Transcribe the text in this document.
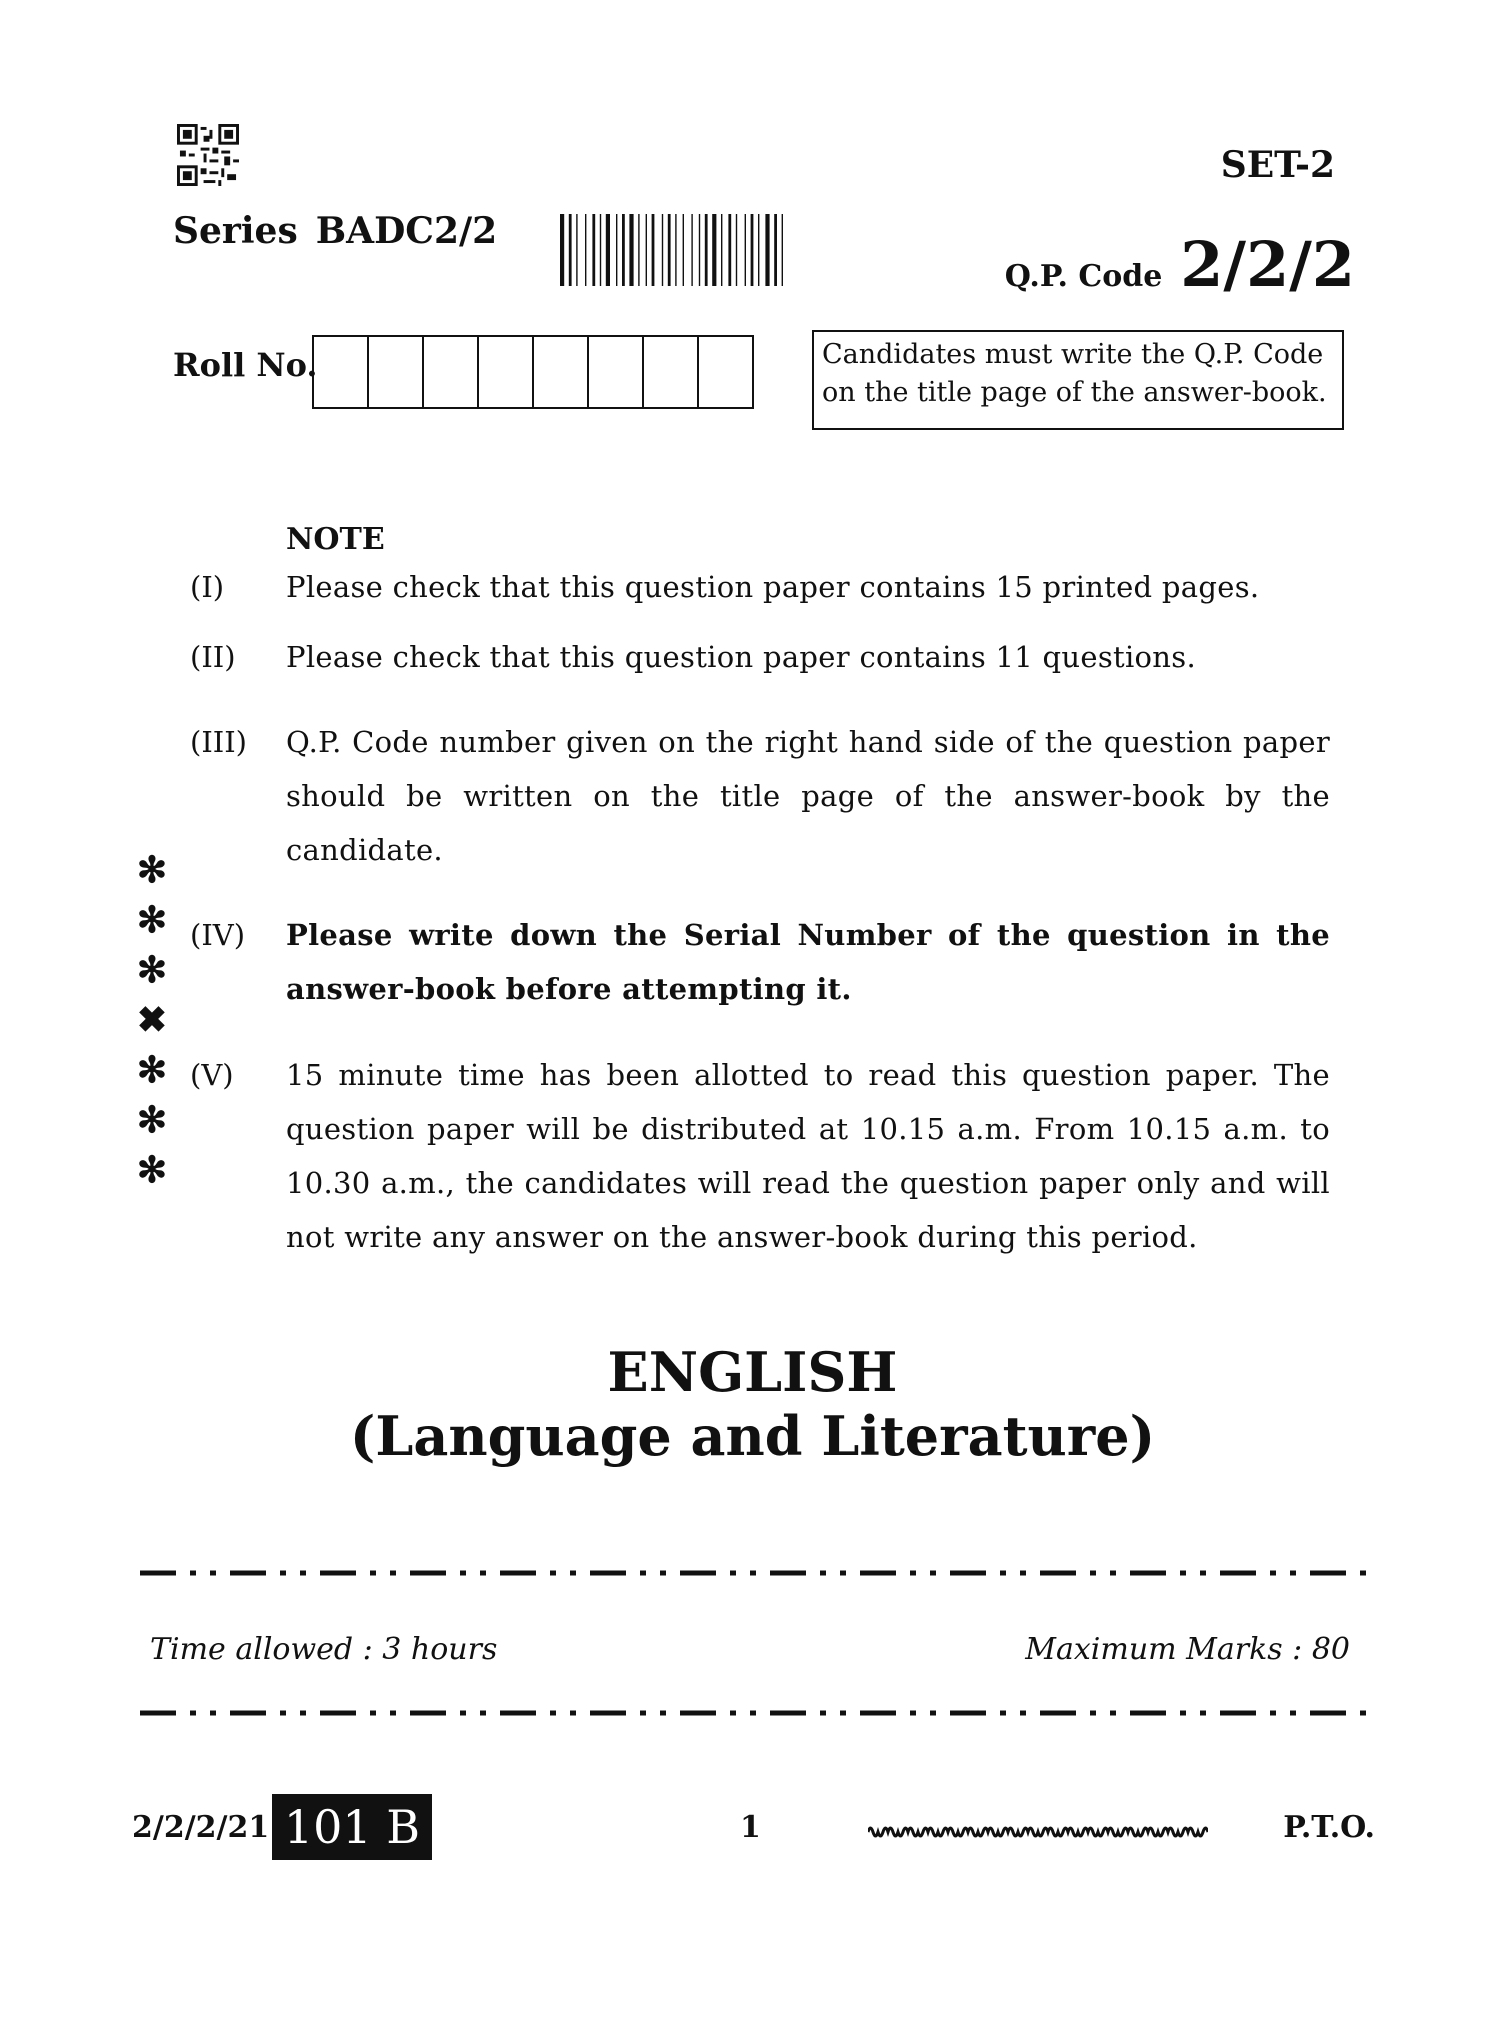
SET-2
Series BADC2/2
Q.P. Code 2/2/2
Roll No.	Candidates must write the Q.P. Code on the title page of the answer-book.
NOTE
(I)	Please check that this question paper contains 15 printed pages.
(II)	Please check that this question paper contains 11 questions.
(III)	Q.P. Code number given on the right hand side of the question paper should be written on the title page of the answer-book by the candidate.
(IV)	Please write down the Serial Number of the question in the answer-book before attempting it.
(V)	15 minute time has been allotted to read this question paper. The question paper will be distributed at 10.15 a.m. From 10.15 a.m. to 10.30 a.m., the candidates will read the question paper only and will not write any answer on the answer-book during this period.
✻
✻
✻
✖
✻
✻
✻
ENGLISH
(Language and Literature)
Time allowed : 3 hours	Maximum Marks : 80
2/2/2/21 101 B	1	P.T.O.
